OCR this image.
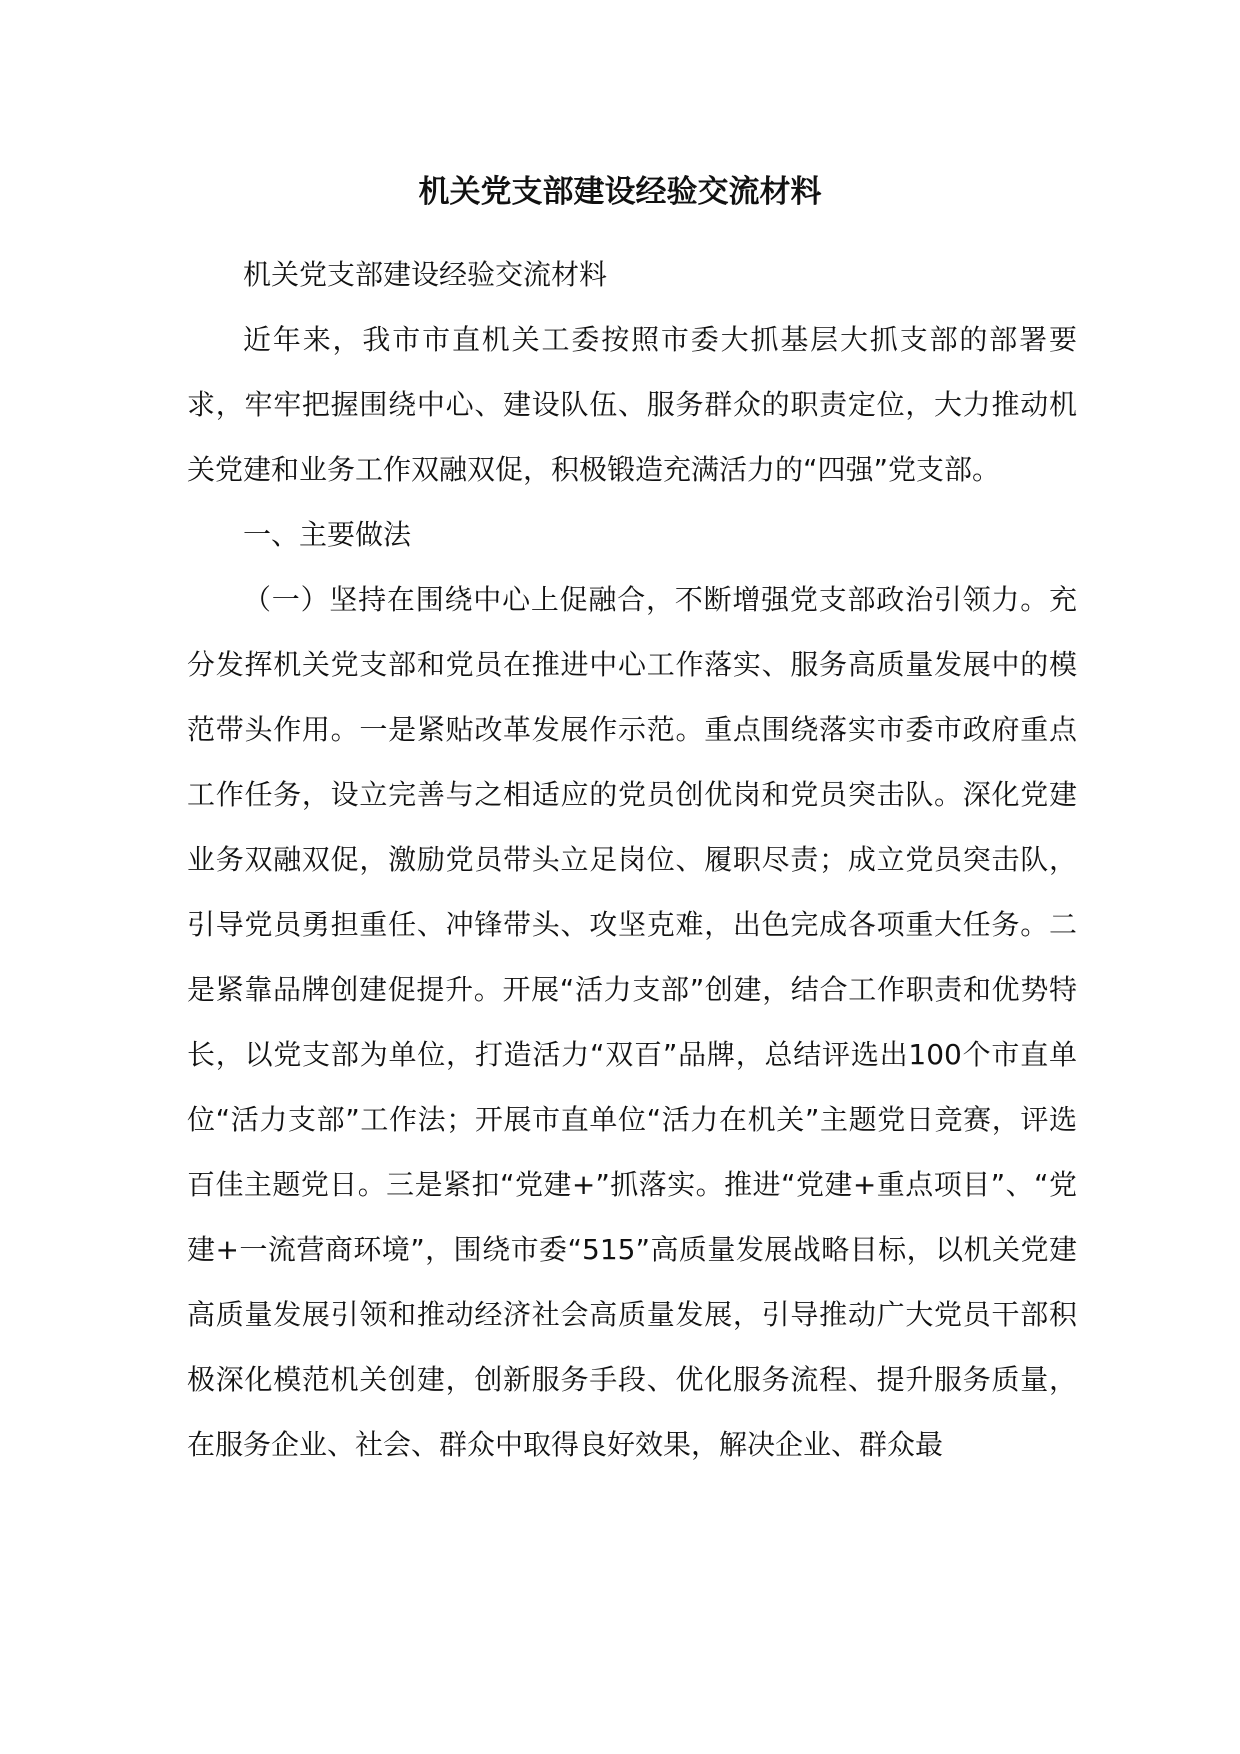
机关党支部建设经验交流材料

机关党支部建设经验交流材料

近年来，我市市直机关工委按照市委大抓基层大抓支部的部署要求，牢牢把握围绕中心、建设队伍、服务群众的职责定位，大力推动机关党建和业务工作双融双促，积极锻造充满活力的“四强”党支部。

一、主要做法

（一）坚持在围绕中心上促融合，不断增强党支部政治引领力。充分发挥机关党支部和党员在推进中心工作落实、服务高质量发展中的模范带头作用。一是紧贴改革发展作示范。重点围绕落实市委市政府重点工作任务，设立完善与之相适应的党员创优岗和党员突击队。深化党建业务双融双促，激励党员带头立足岗位、履职尽责；成立党员突击队，引导党员勇担重任、冲锋带头、攻坚克难，出色完成各项重大任务。二是紧靠品牌创建促提升。开展“活力支部”创建，结合工作职责和优势特长，以党支部为单位，打造活力“双百”品牌，总结评选出100个市直单位“活力支部”工作法；开展市直单位“活力在机关”主题党日竞赛，评选百佳主题党日。三是紧扣“党建+”抓落实。推进“党建+重点项目”、“党建+一流营商环境”，围绕市委“515”高质量发展战略目标，以机关党建高质量发展引领和推动经济社会高质量发展，引导推动广大党员干部积极深化模范机关创建，创新服务手段、优化服务流程、提升服务质量，在服务企业、社会、群众中取得良好效果，解决企业、群众最
